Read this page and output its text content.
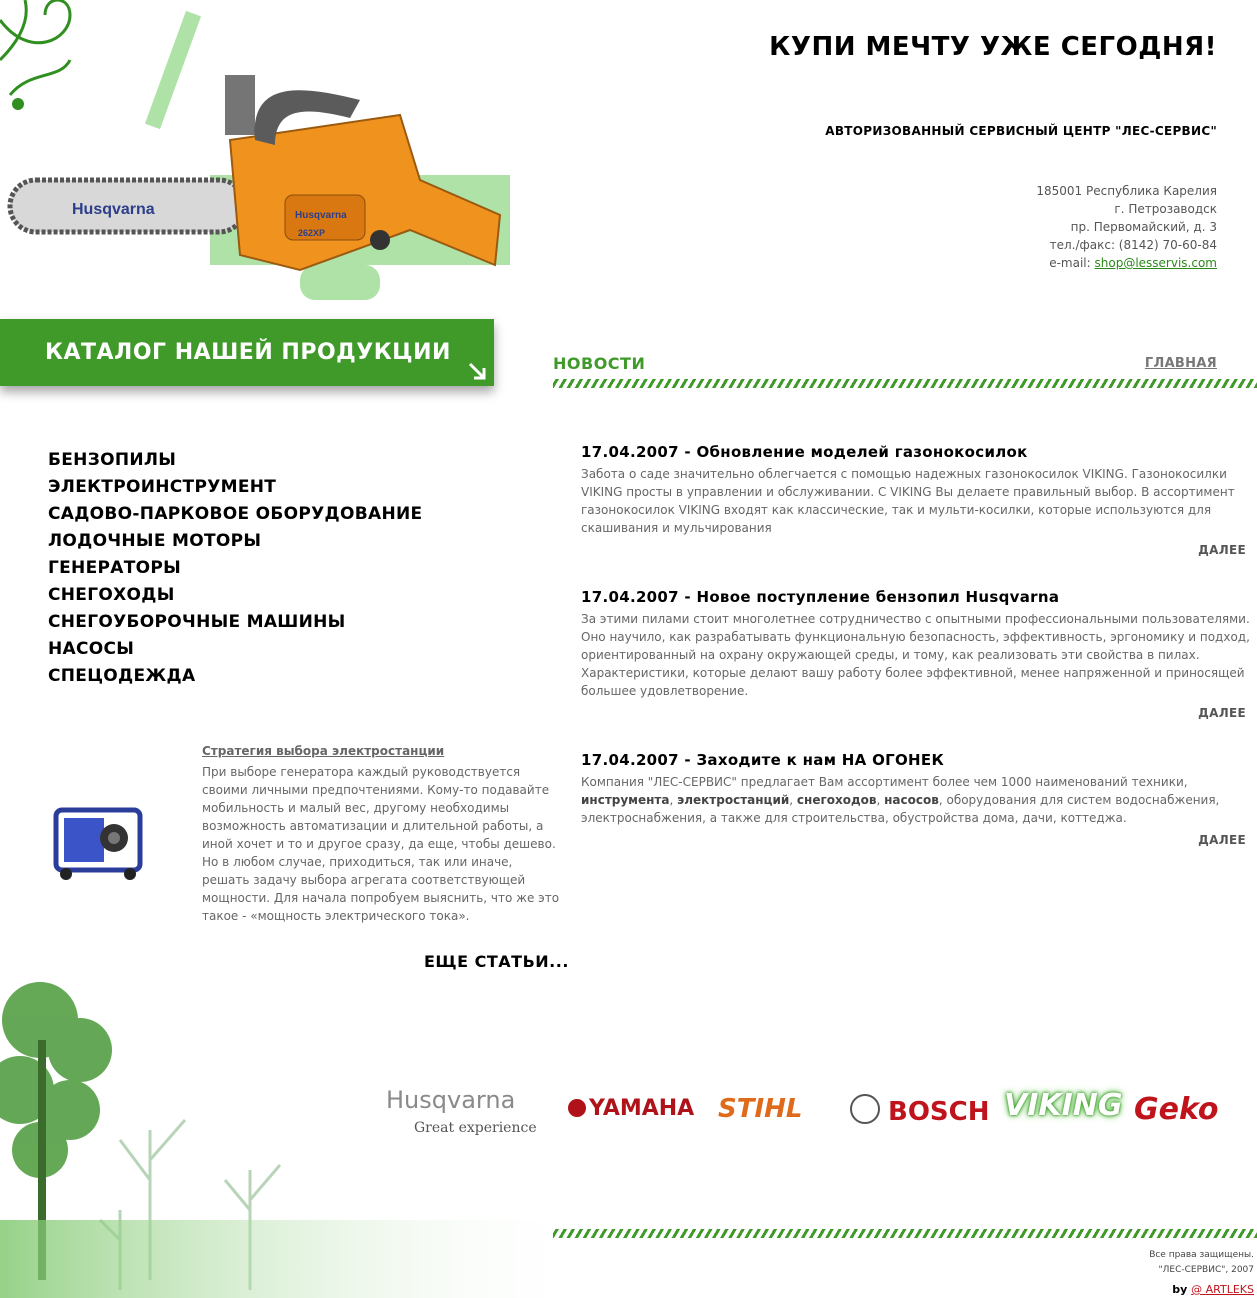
Husqvarna	Husqvarna
262XP
КУПИ МЕЧТУ УЖЕ СЕГОДНЯ!
АВТОРИЗОВАННЫЙ СЕРВИСНЫЙ ЦЕНТР "ЛЕС-СЕРВИС"
185001 Республика Карелия
г. Петрозаводск
пр. Первомайский, д. 3
тел./факс: (8142) 70-60-84
e-mail: shop@lesservis.com
КАТАЛОГ НАШЕЙ ПРОДУКЦИИ
БЕНЗОПИЛЫ
ЭЛЕКТРОИНСТРУМЕНТ
САДОВО-ПАРКОВОЕ ОБОРУДОВАНИЕ
ЛОДОЧНЫЕ МОТОРЫ
ГЕНЕРАТОРЫ
СНЕГОХОДЫ
СНЕГОУБОРОЧНЫЕ МАШИНЫ
НАСОСЫ
СПЕЦОДЕЖДА
Стратегия выбора электростанции
При выборе генератора каждый руководствуется своими личными предпочтениями. Кому-то подавайте мобильность и малый вес, другому необходимы возможность автоматизации и длительной работы, а иной хочет и то и другое сразу, да еще, чтобы дешево. Но в любом случае, приходиться, так или иначе, решать задачу выбора агрегата соответствующей мощности. Для начала попробуем выяснить, что же это такое - «мощность электрического тока».
ЕЩЕ СТАТЬИ...
НОВОСТИ	ГЛАВНАЯ
17.04.2007 - Обновление моделей газонокосилок
Забота о саде значительно облегчается с помощью надежных газонокосилок VIKING. Газонокосилки VIKING просты в управлении и обслуживании. С VIKING Вы делаете правильный выбор. В ассортимент газонокосилок VIKING входят как классические, так и мульти-косилки, которые используются для скашивания и мульчирования
ДАЛЕЕ
17.04.2007 - Новое поступление бензопил Husqvarna
За этими пилами стоит многолетнее сотрудничество с опытными профессиональными пользователями. Оно научило, как разрабатывать функциональную безопасность, эффективность, эргономику и подход, ориентированный на охрану окружающей среды, и тому, как реализовать эти свойства в пилах. Характеристики, которые делают вашу работу более эффективной, менее напряженной и приносящей большее удовлетворение.
ДАЛЕЕ
17.04.2007 - Заходите к нам НА ОГОНЕК
Компания "ЛЕС-СЕРВИС" предлагает Вам ассортимент более чем 1000 наименований техники, инструмента, электростанций, снегоходов, насосов, оборудования для систем водоснабжения, электроснабжения, а также для строительства, обустройства дома, дачи, коттеджа.
ДАЛЕЕ
Husqvarna
Great experience
YAMAHA STIHL	BOSCH VIKING Geko
Все права защищены.
"ЛЕС-СЕРВИС", 2007
by @ ARTLEKS
